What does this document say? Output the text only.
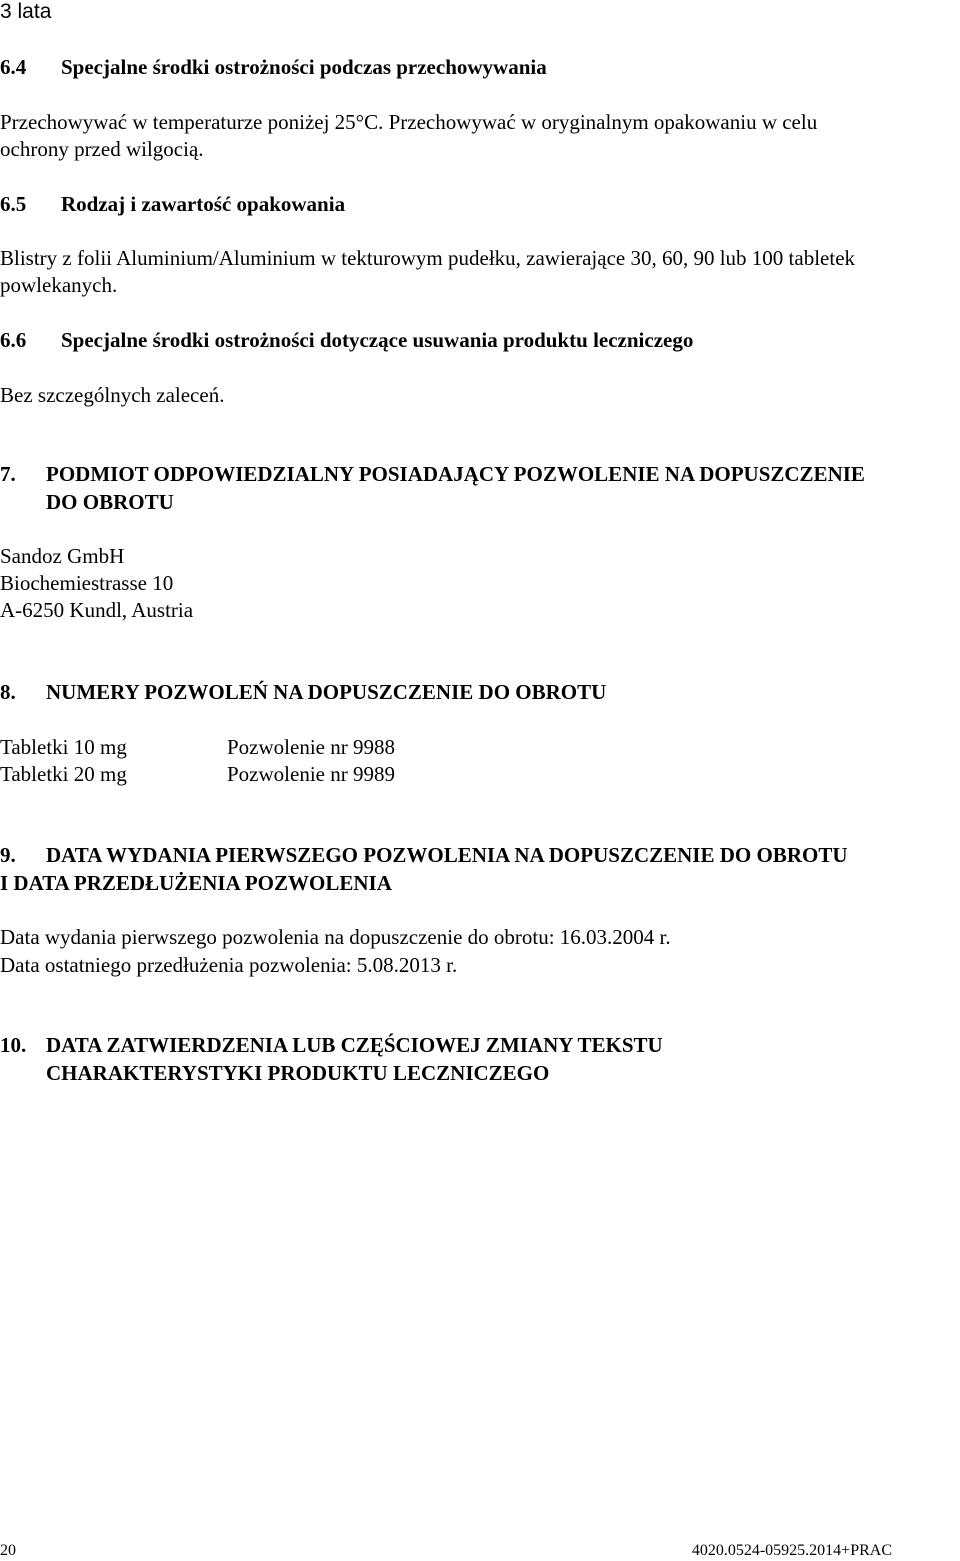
3 lata
6.4 Specjalne środki ostrożności podczas przechowywania
Przechowywać w temperaturze poniżej 25°C. Przechowywać w oryginalnym opakowaniu w celu
ochrony przed wilgocią.
6.5 Rodzaj i zawartość opakowania
Blistry z folii Aluminium/Aluminium w tekturowym pudełku, zawierające 30, 60, 90 lub 100 tabletek
powlekanych.
6.6 Specjalne środki ostrożności dotyczące usuwania produktu leczniczego
Bez szczególnych zaleceń.
7. PODMIOT ODPOWIEDZIALNY POSIADAJĄCY POZWOLENIE NA DOPUSZCZENIE
DO OBROTU
Sandoz GmbH
Biochemiestrasse 10
A-6250 Kundl, Austria
8. NUMERY POZWOLEŃ NA DOPUSZCZENIE DO OBROTU
Tabletki 10 mg	Pozwolenie nr 9988
Tabletki 20 mg	Pozwolenie nr 9989
9. DATA WYDANIA PIERWSZEGO POZWOLENIA NA DOPUSZCZENIE DO OBROTU
I DATA PRZEDŁUŻENIA POZWOLENIA
Data wydania pierwszego pozwolenia na dopuszczenie do obrotu: 16.03.2004 r.
Data ostatniego przedłużenia pozwolenia: 5.08.2013 r.
10. DATA ZATWIERDZENIA LUB CZĘŚCIOWEJ ZMIANY TEKSTU
CHARAKTERYSTYKI PRODUKTU LECZNICZEGO
20	4020.0524-05925.2014+PRAC
